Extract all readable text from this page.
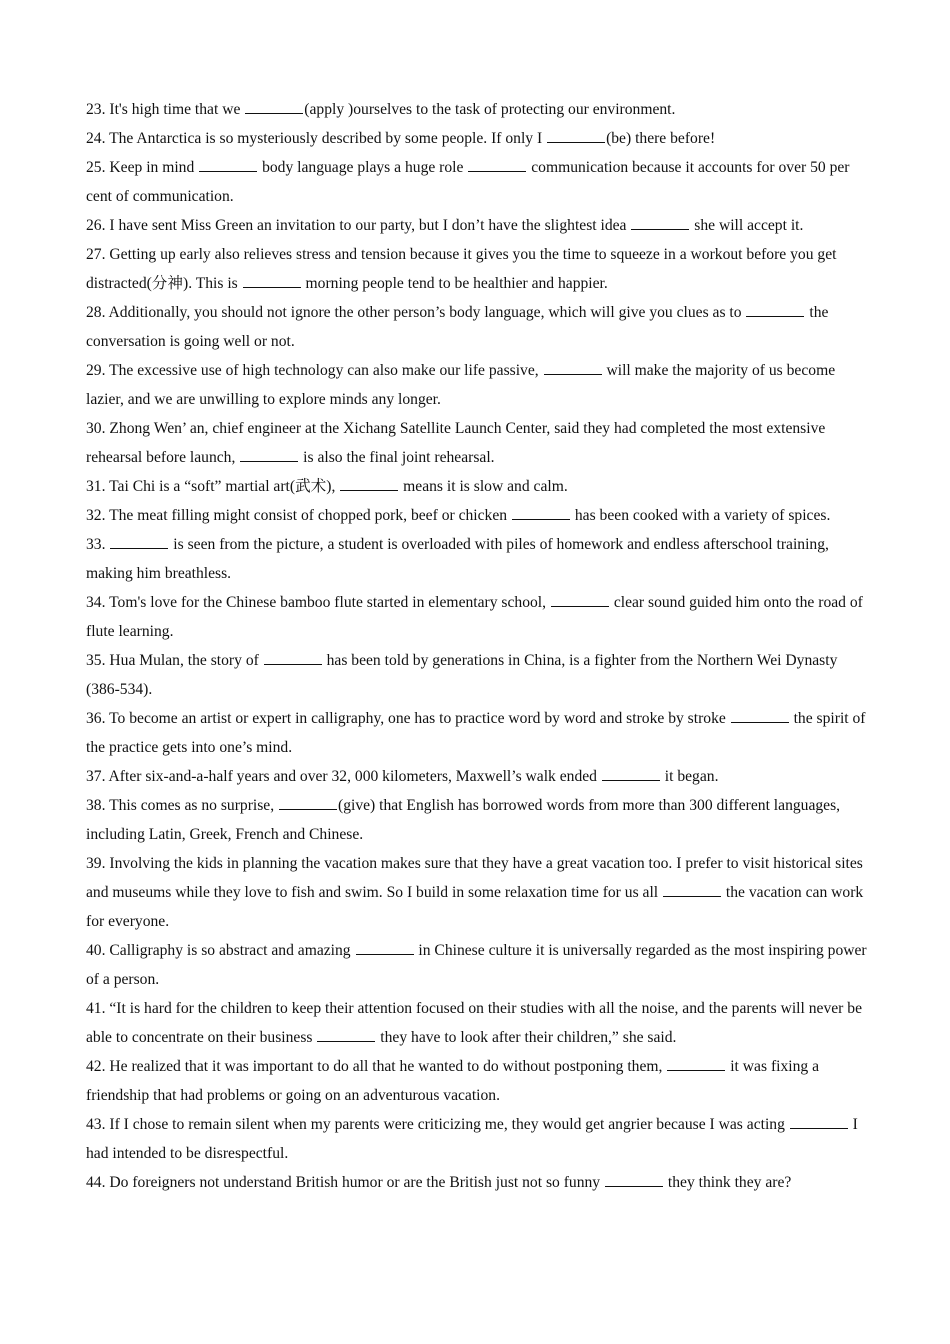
23. It's high time that we	(apply )ourselves to the task of protecting our environment.

24. The Antarctica is so mysteriously described by some people. If only I	(be) there before!

25. Keep in mind	body language plays a huge role	communication because it accounts for over 50 per cent of communication.

26. I have sent Miss Green an invitation to our party, but I don’t have the slightest idea	she will accept it.

27. Getting up early also relieves stress and tension because it gives you the time to squeeze in a workout before you get distracted(分神). This is	morning people tend to be healthier and happier.

28. Additionally, you should not ignore the other person’s body language, which will give you clues as to	the conversation is going well or not.

29. The excessive use of high technology can also make our life passive,	will make the majority of us become lazier, and we are unwilling to explore minds any longer.

30. Zhong Wen’ an, chief engineer at the Xichang Satellite Launch Center, said they had completed the most extensive rehearsal before launch,	is also the final joint rehearsal.

31. Tai Chi is a “soft” martial art(武术),	means it is slow and calm.

32. The meat filling might consist of chopped pork, beef or chicken	has been cooked with a variety of spices.

33.	is seen from the picture, a student is overloaded with piles of homework and endless afterschool training, making him breathless.

34. Tom's love for the Chinese bamboo flute started in elementary school,	clear sound guided him onto the road of flute learning.

35. Hua Mulan, the story of	has been told by generations in China, is a fighter from the Northern Wei Dynasty (386-534).

36. To become an artist or expert in calligraphy, one has to practice word by word and stroke by stroke	the spirit of the practice gets into one’s mind.

37. After six-and-a-half years and over 32, 000 kilometers, Maxwell’s walk ended	it began.

38. This comes as no surprise,	(give) that English has borrowed words from more than 300 different languages, including Latin, Greek, French and Chinese.

39. Involving the kids in planning the vacation makes sure that they have a great vacation too. I prefer to visit historical sites and museums while they love to fish and swim. So I build in some relaxation time for us all	the vacation can work for everyone.

40. Calligraphy is so abstract and amazing	in Chinese culture it is universally regarded as the most inspiring power of a person.

41. “It is hard for the children to keep their attention focused on their studies with all the noise, and the parents will never be able to concentrate on their business	they have to look after their children,” she said.

42. He realized that it was important to do all that he wanted to do without postponing them,	it was fixing a friendship that had problems or going on an adventurous vacation.

43. If I chose to remain silent when my parents were criticizing me, they would get angrier because I was acting	I had intended to be disrespectful.

44. Do foreigners not understand British humor or are the British just not so funny	they think they are?
